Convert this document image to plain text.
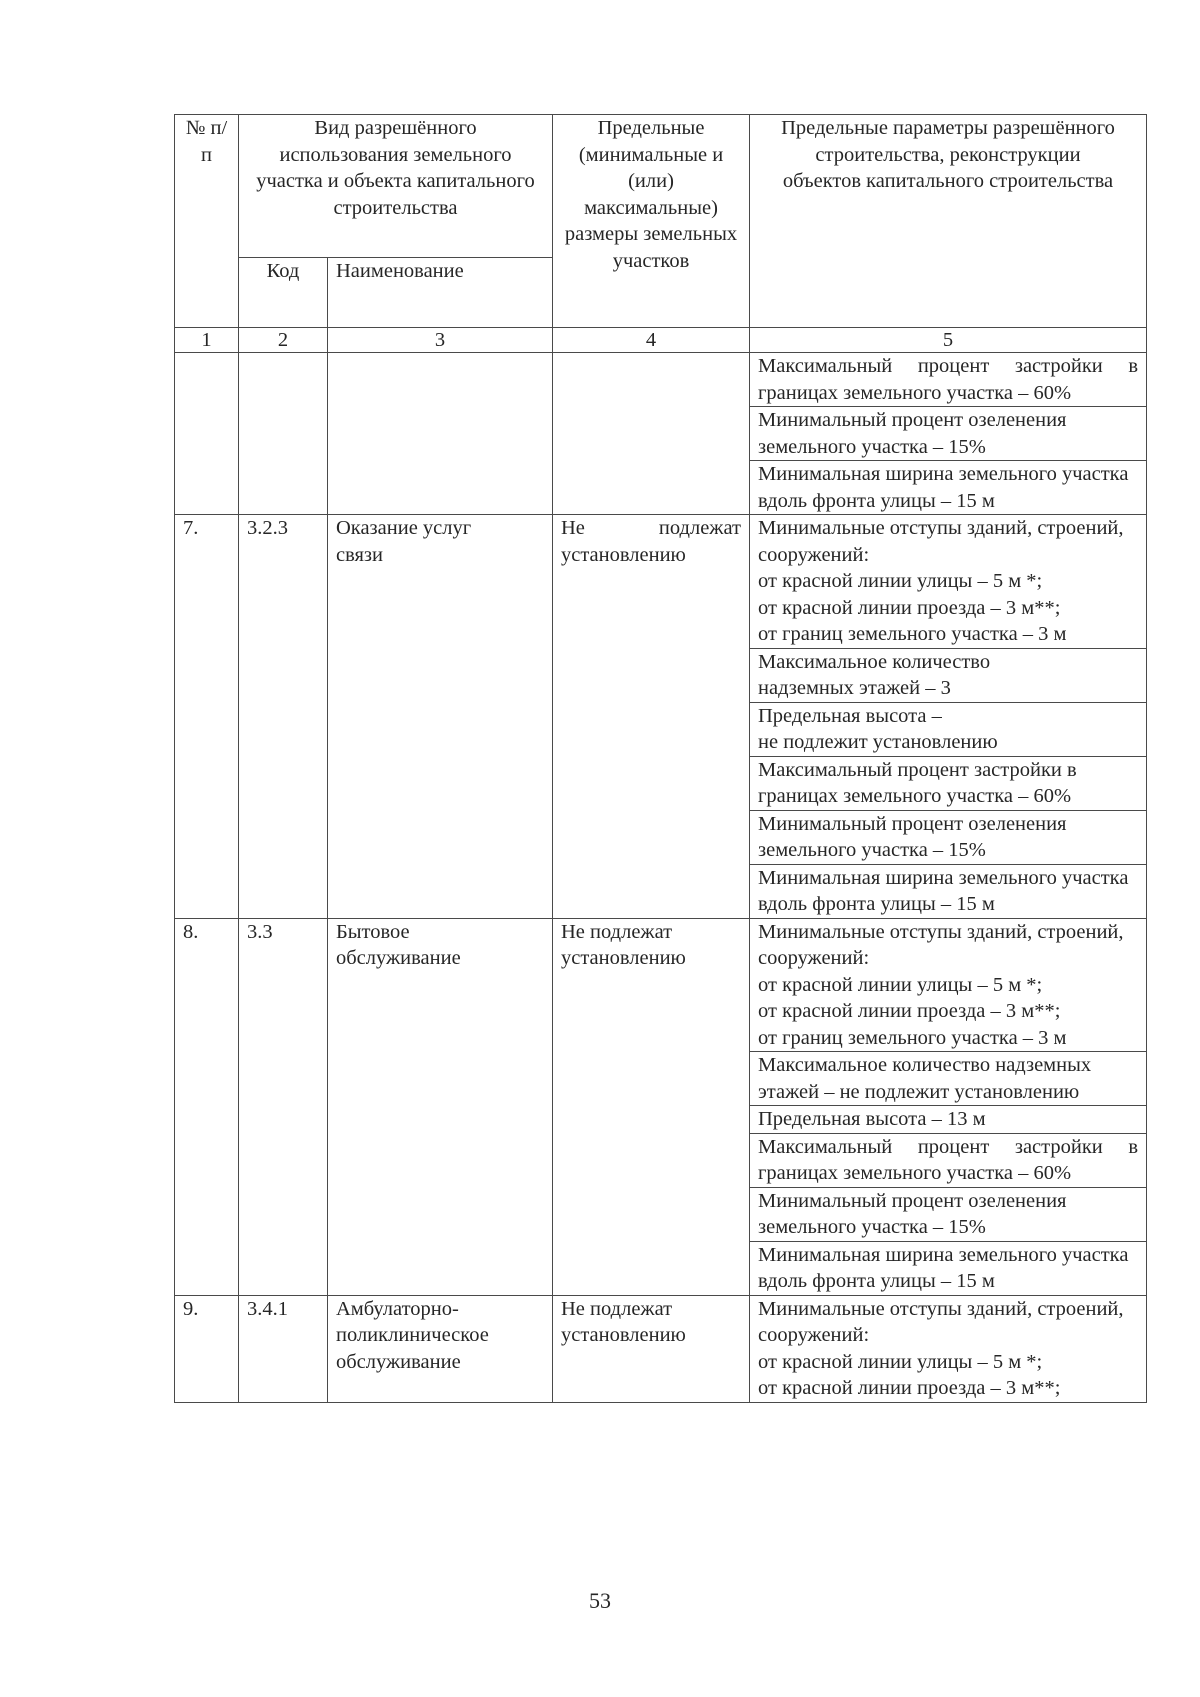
№ п/п	Вид разрешённого использования земельного участка и объекта капитального строительства		Предельные (минимальные и (или) максимальные) размеры земельных участков	Предельные параметры разрешённого строительства, реконструкции объектов капитального строительства
	Код	Наименование		
1	2	3	4	5
				Максимальный процент застройки в границах земельного участка – 60%
				Минимальный процент озеленения земельного участка – 15%
				Минимальная ширина земельного участка вдоль фронта улицы – 15 м
7.	3.2.3	Оказание услуг связи	Не подлежат установлению	Минимальные отступы зданий, строений, сооружений:
от красной линии улицы – 5 м *;
от красной линии проезда – 3 м**;
от границ земельного участка – 3 м

				Максимальное количество
надземных этажей – 3

				Предельная высота –
не подлежит установлению

				Максимальный процент застройки в границах земельного участка – 60%
				Минимальный процент озеленения земельного участка – 15%
				Минимальная ширина земельного участка вдоль фронта улицы – 15 м
8.	3.3	Бытовое обслуживание	Не подлежат установлению	Минимальные отступы зданий, строений, сооружений:
от красной линии улицы – 5 м *;
от красной линии проезда – 3 м**;
от границ земельного участка – 3 м

				Максимальное количество надземных этажей – не подлежит установлению
				Предельная высота – 13 м
				Максимальный процент застройки в границах земельного участка – 60%
				Минимальный процент озеленения земельного участка – 15%
				Минимальная ширина земельного участка вдоль фронта улицы – 15 м
9.	3.4.1	Амбулаторно-поликлиническое обслуживание	Не подлежат установлению	Минимальные отступы зданий, строений, сооружений:
от красной линии улицы – 5 м *;
от красной линии проезда – 3 м**;
53
